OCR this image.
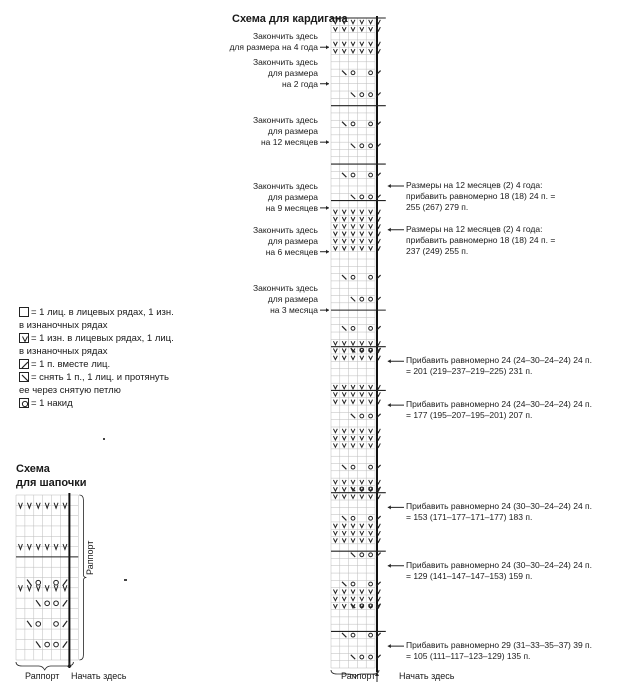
Схема для кардигана
Закончить здесь
для размера на 4 года
Закончить здесь
для размера
на 2 года
Закончить здесь
для размера
на 12 месяцев
Закончить здесь
для размера
на 9 месяцев
Закончить здесь
для размера
на 6 месяцев
Закончить здесь
для размера
на 3 месяца
Размеры на 12 месяцев (2) 4 года:
прибавить равномерно 18 (18) 24 п. =
255 (267) 279 п.
Размеры на 12 месяцев (2) 4 года:
прибавить равномерно 18 (18) 24 п. =
237 (249) 255 п.
Прибавить равномерно 24 (24–30–24–24) 24 п.
= 201 (219–237–219–225) 231 п.
Прибавить равномерно 24 (24–30–24–24) 24 п.
= 177 (195–207–195–201) 207 п.
Прибавить равномерно 24 (30–30–24–24) 24 п.
= 153 (171–177–171–177) 183 п.
Прибавить равномерно 24 (30–30–24–24) 24 п.
= 129 (141–147–147–153) 159 п.
Прибавить равномерно 29 (31–33–35–37) 39 п.
= 105 (111–117–123–129) 135 п.
Раппорт	Начать здесь
= 1 лиц. в лицевых рядах, 1 изн.
в изнаночных рядах
= 1 изн. в лицевых рядах, 1 лиц.
в изнаночных рядах
= 1 п. вместе лиц.
= снять 1 п., 1 лиц. и протянуть
ее через снятую петлю
= 1 накид
Схема
для шапочки
Раппорт
Раппорт Начать здесь
